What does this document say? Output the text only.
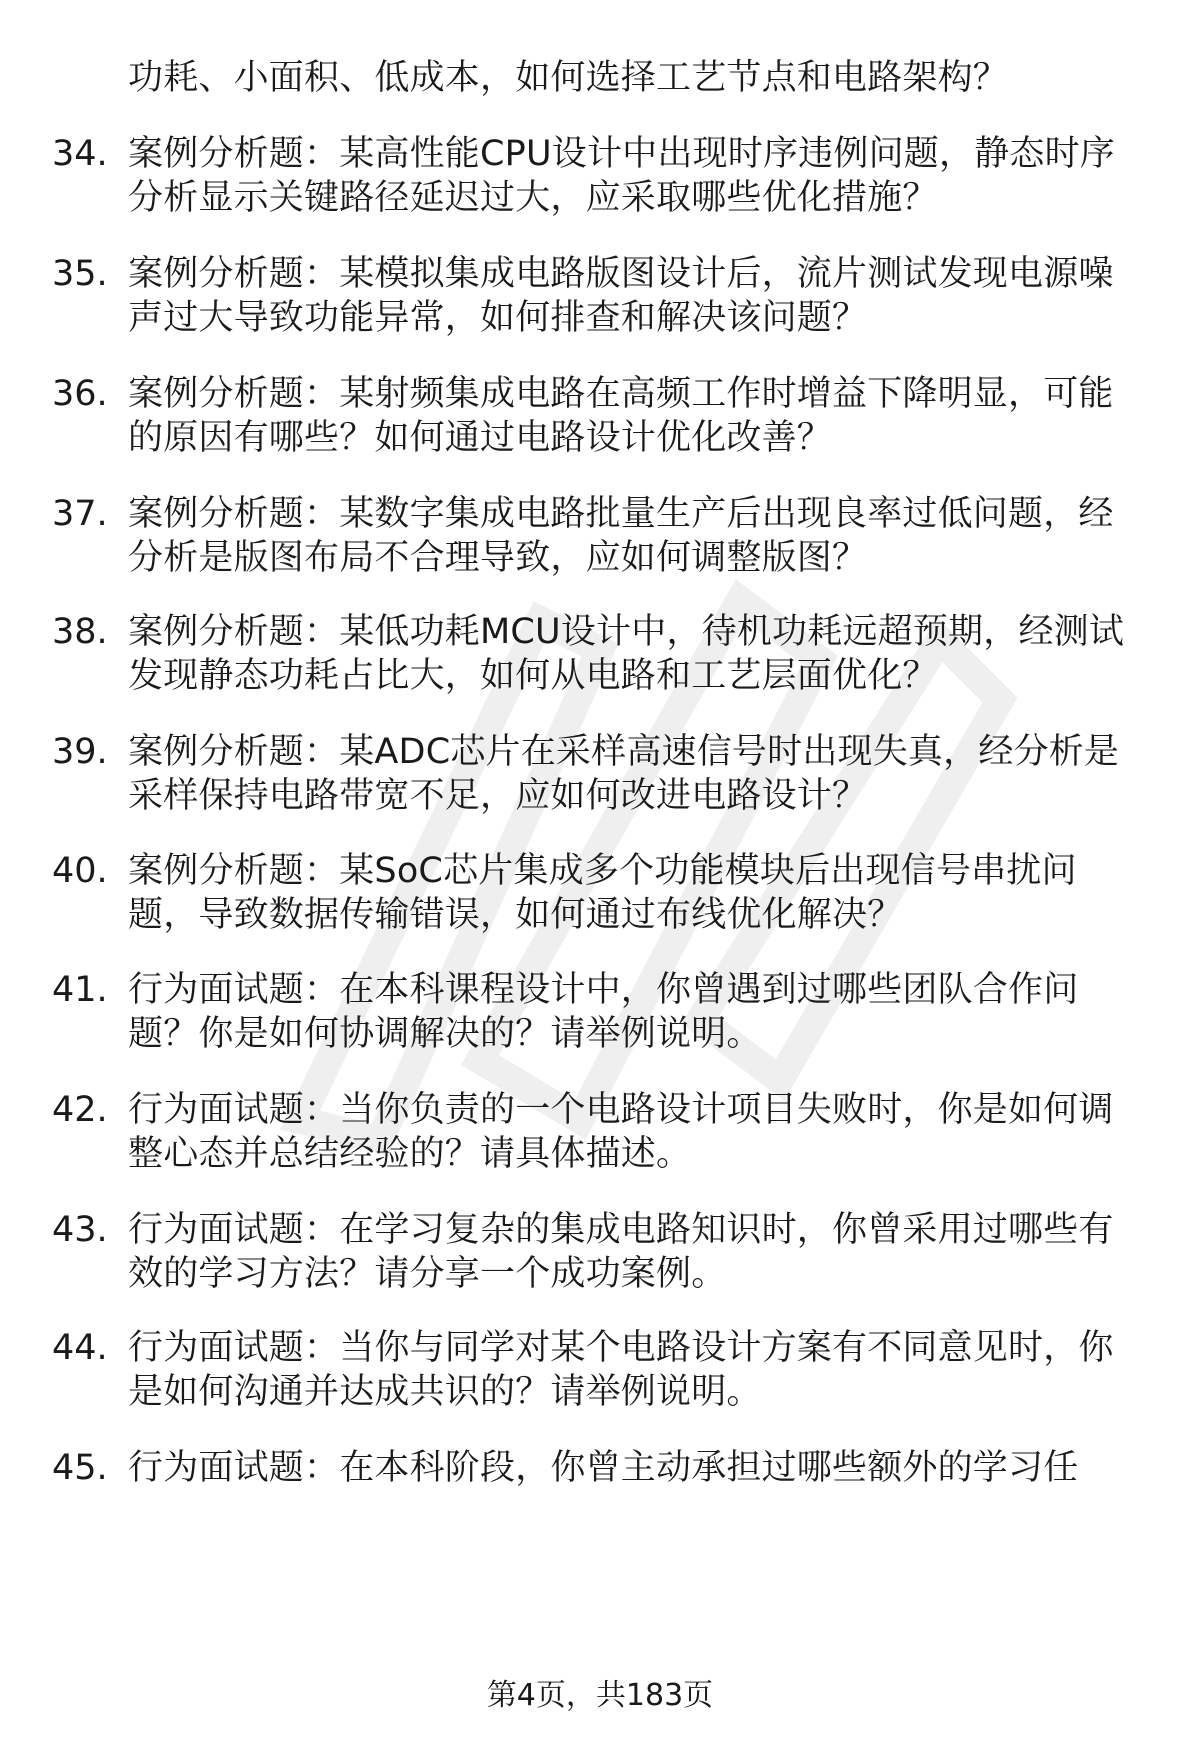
功耗、小面积、低成本，如何选择工艺节点和电路架构？
34. 案例分析题：某高性能CPU设计中出现时序违例问题，静态时序
分析显示关键路径延迟过大，应采取哪些优化措施？
35. 案例分析题：某模拟集成电路版图设计后，流片测试发现电源噪
声过大导致功能异常，如何排查和解决该问题？
36. 案例分析题：某射频集成电路在高频工作时增益下降明显，可能
的原因有哪些？如何通过电路设计优化改善？
37. 案例分析题：某数字集成电路批量生产后出现良率过低问题，经
分析是版图布局不合理导致，应如何调整版图？
38. 案例分析题：某低功耗MCU设计中，待机功耗远超预期，经测试
发现静态功耗占比大，如何从电路和工艺层面优化？
39. 案例分析题：某ADC芯片在采样高速信号时出现失真，经分析是
采样保持电路带宽不足，应如何改进电路设计？
40. 案例分析题：某SoC芯片集成多个功能模块后出现信号串扰问
题，导致数据传输错误，如何通过布线优化解决？
41. 行为面试题：在本科课程设计中，你曾遇到过哪些团队合作问
题？你是如何协调解决的？请举例说明。
42. 行为面试题：当你负责的一个电路设计项目失败时，你是如何调
整心态并总结经验的？请具体描述。
43. 行为面试题：在学习复杂的集成电路知识时，你曾采用过哪些有
效的学习方法？请分享一个成功案例。
44. 行为面试题：当你与同学对某个电路设计方案有不同意见时，你
是如何沟通并达成共识的？请举例说明。
45. 行为面试题：在本科阶段，你曾主动承担过哪些额外的学习任
第4页，共183页
